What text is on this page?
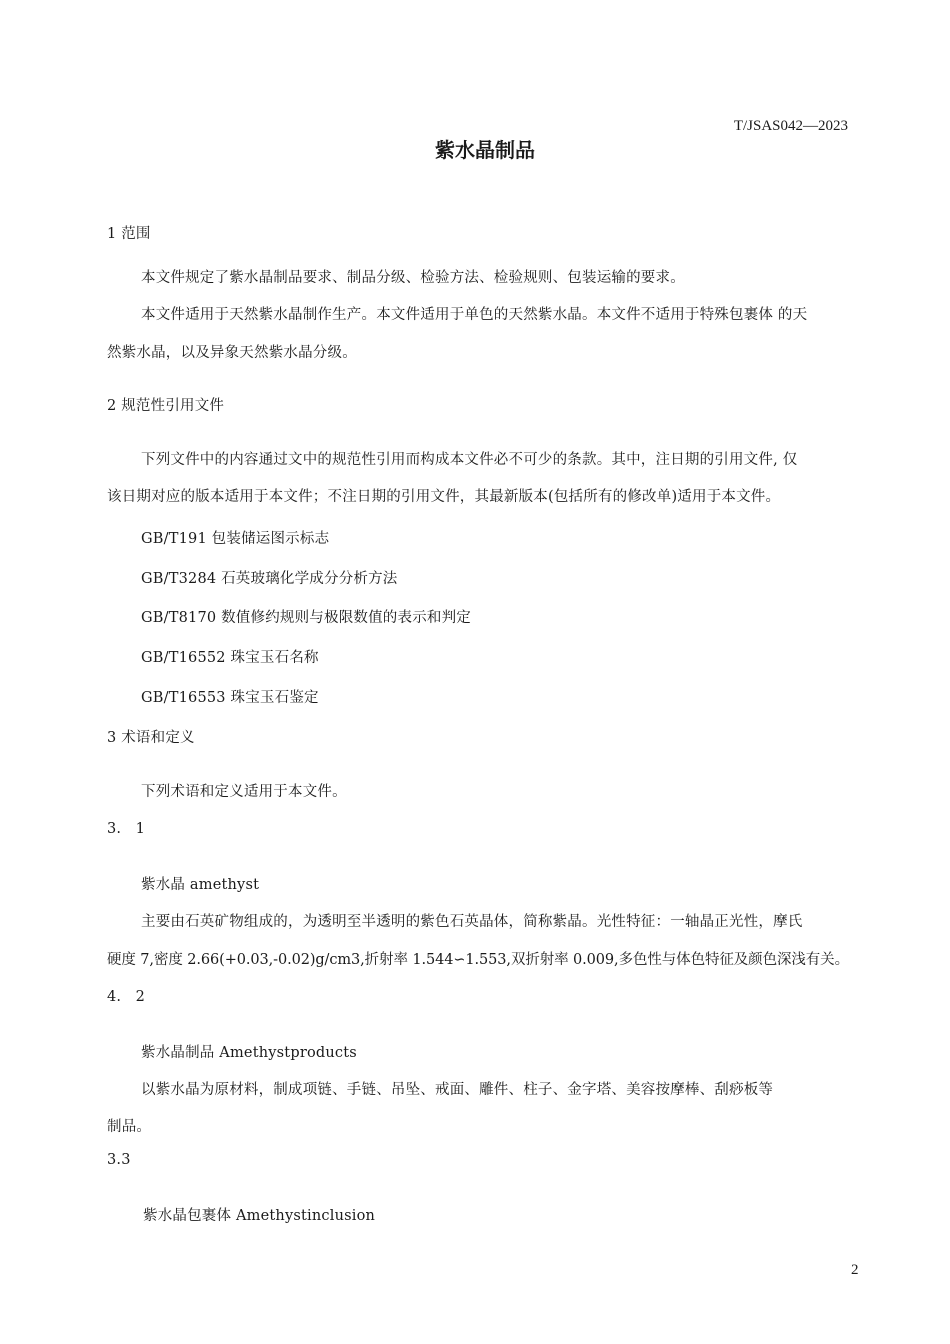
T/JSAS042—2023
紫水晶制品
1 范围
本文件规定了紫水晶制品要求、制品分级、检验方法、检验规则、包装运输的要求。
本文件适用于天然紫水晶制作生产。本文件适用于单色的天然紫水晶。本文件不适用于特殊包裹体 的天
然紫水晶，以及异象天然紫水晶分级。
2 规范性引用文件
下列文件中的内容通过文中的规范性引用而构成本文件必不可少的条款。其中，注日期的引用文件, 仅
该日期对应的版本适用于本文件；不注日期的引用文件，其最新版本(包括所有的修改单)适用于本文件。
GB/T191 包装储运图示标志
GB/T3284 石英玻璃化学成分分析方法
GB/T8170 数值修约规则与极限数值的表示和判定
GB/T16552 珠宝玉石名称
GB/T16553 珠宝玉石鉴定
3 术语和定义
下列术语和定义适用于本文件。
3.   1
紫水晶 amethyst
主要由石英矿物组成的，为透明至半透明的紫色石英晶体，简称紫晶。光性特征：一轴晶正光性，摩氏
硬度 7,密度 2.66(+0.03,-0.02)g/cm3,折射率 1.544∽1.553,双折射率 0.009,多色性与体色特征及颜色深浅有关。
4.   2
紫水晶制品 Amethystproducts
以紫水晶为原材料，制成项链、手链、吊坠、戒面、雕件、柱子、金字塔、美容按摩棒、刮痧板等
制品。
3.3
紫水晶包裹体 Amethystinclusion
2
